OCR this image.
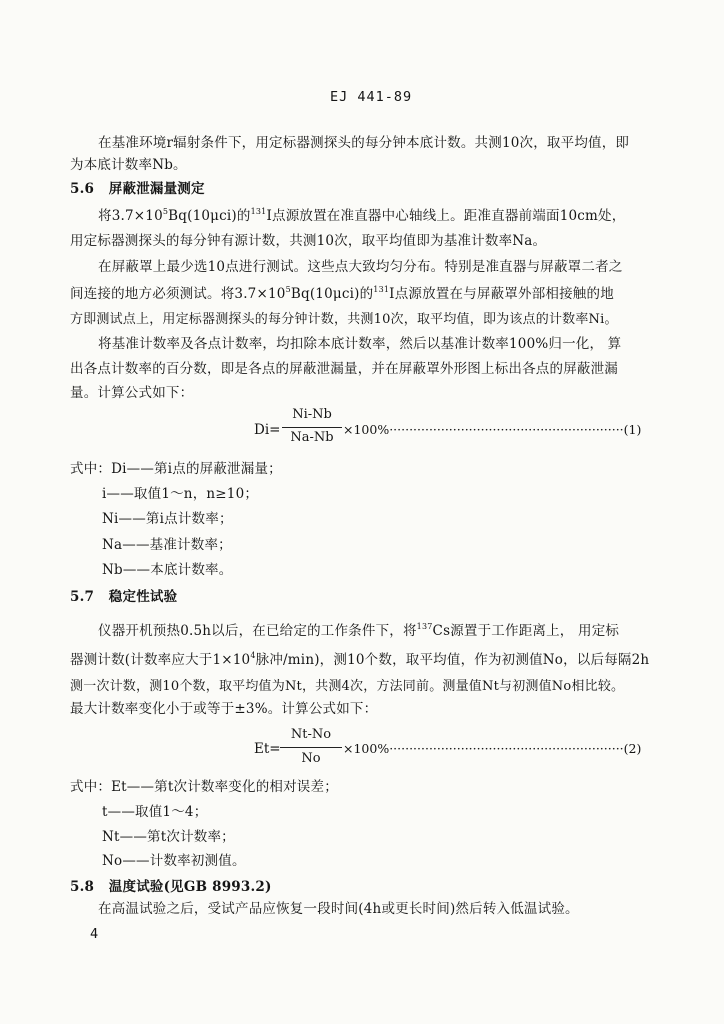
EJ 441-89
在基准环境r辐射条件下，用定标器测探头的每分钟本底计数。共测10次，取平均值，即
为本底计数率Nb。
5.6 屏蔽泄漏量测定
将$3.7\times 10^5Bq(10\mu ci)$的$^{131}$I点源放置在准直器中心轴线上。距准直器前端面10cm处，
用定标器测探头的每分钟有源计数，共测10次，取平均值即为基准计数率Na。
在屏蔽罩上最少选10点进行测试。这些点大致均匀分布。特别是准直器与屏蔽罩二者之
间连接的地方必须测试。将$3.7\times 10^5Bq(10\mu ci)$的$^{131}$I点源放置在与屏蔽罩外部相接触的地
方即测试点上，用定标器测探头的每分钟计数，共测10次，取平均值，即为该点的计数率Ni。
将基准计数率及各点计数率，均扣除本底计数率，然后以基准计数率100%归一化， 算
出各点计数率的百分数，即是各点的屏蔽泄漏量，并在屏蔽罩外形图上标出各点的屏蔽泄漏
量。计算公式如下：
Di=
Ni-Nb
Na-Nb
×100%···························································(1)
式中：Di——第i点的屏蔽泄漏量；
i——取值1～n，n≥10；
Ni——第i点计数率；
Na——基准计数率；
Nb——本底计数率。
5.7 稳定性试验
仪器开机预热0.5h以后，在已给定的工作条件下，将$^{137}$Cs源置于工作距离上， 用定标
器测计数(计数率应大于$1\times 10^4$脉冲/min)，测10个数，取平均值，作为初测值No，以后每隔2h
测一次计数，测10个数，取平均值为Nt，共测4次，方法同前。测量值Nt与初测值No相比较。
最大计数率变化小于或等于±3%。计算公式如下：
Et=
Nt-No
No
×100%···························································(2)
式中：Et——第t次计数率变化的相对误差；
t——取值1～4；
Nt——第t次计数率；
No——计数率初测值。
5.8 温度试验(见GB 8993.2)
在高温试验之后，受试产品应恢复一段时间(4h或更长时间)然后转入低温试验。
4
